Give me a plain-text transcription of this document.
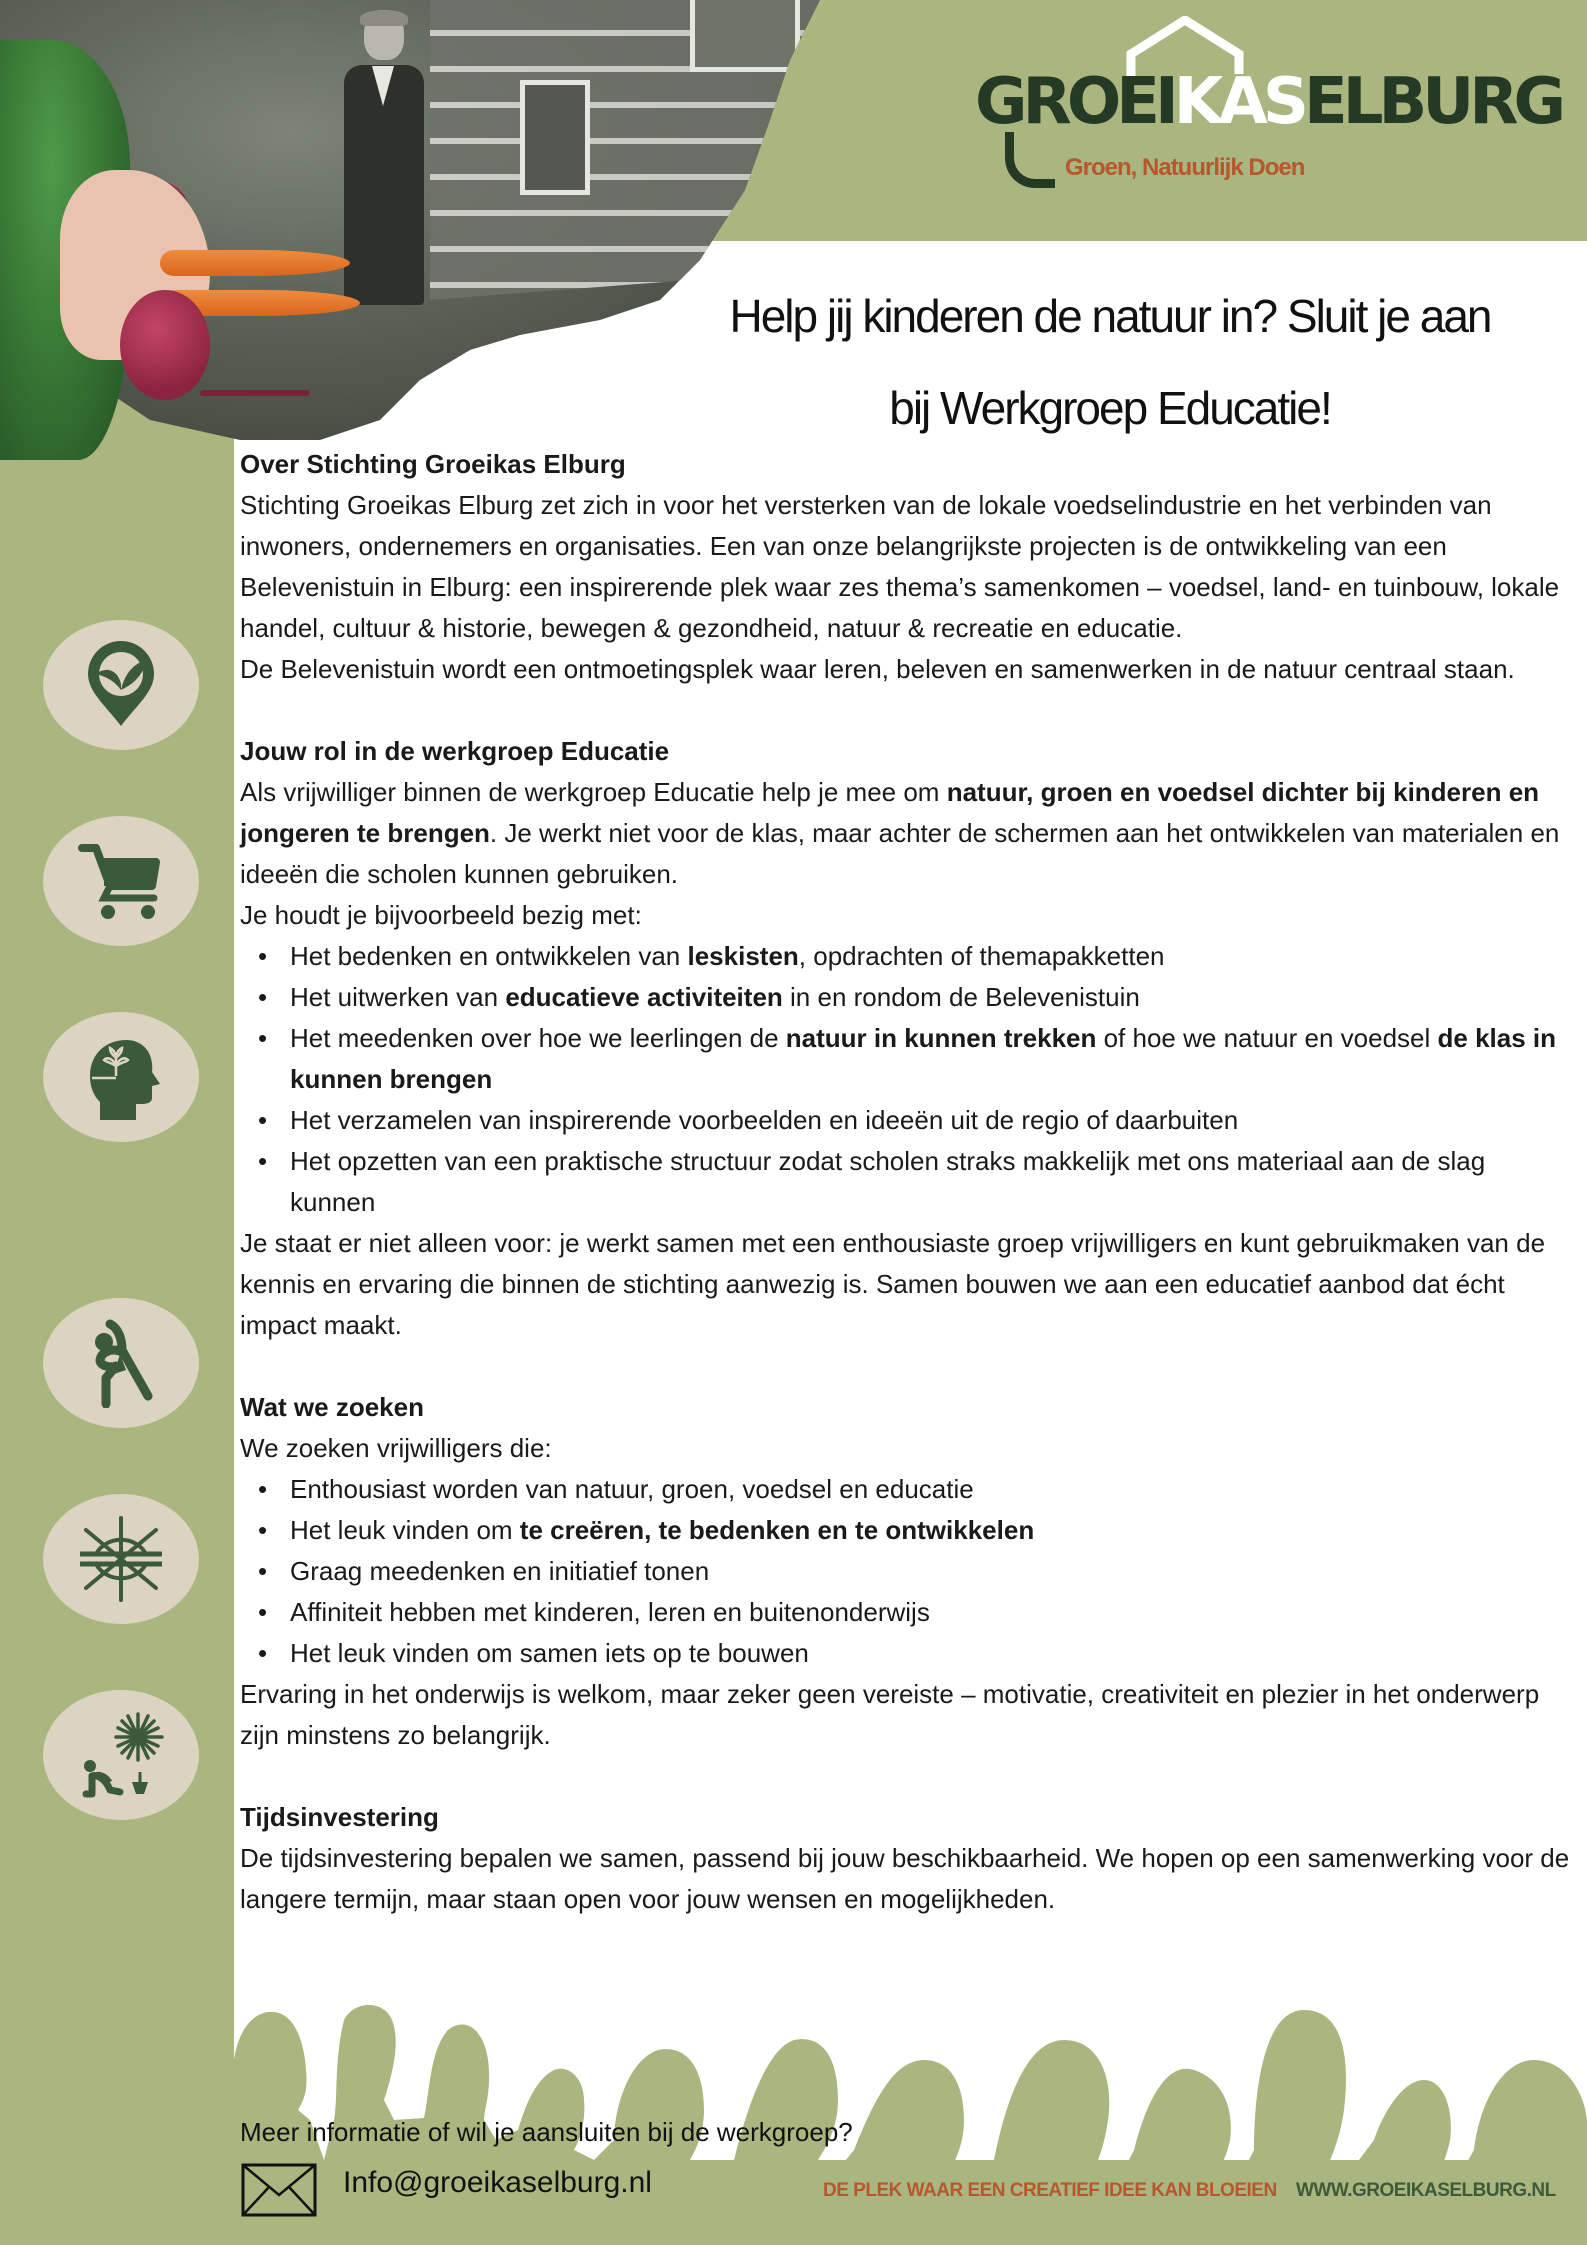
GROEIKASELBURG
Groen, Natuurlijk Doen
Help jij kinderen de natuur in? Sluit je aan
bij Werkgroep Educatie!
Over Stichting Groeikas Elburg

Stichting Groeikas Elburg zet zich in voor het versterken van de lokale voedselindustrie en het verbinden van inwoners, ondernemers en organisaties. Een van onze belangrijkste projecten is de ontwikkeling van een Belevenistuin in Elburg: een inspirerende plek waar zes thema’s samenkomen – voedsel, land- en tuinbouw, lokale handel, cultuur & historie, bewegen & gezondheid, natuur & recreatie en educatie.

De Belevenistuin wordt een ontmoetingsplek waar leren, beleven en samenwerken in de natuur centraal staan.

Jouw rol in de werkgroep Educatie

Als vrijwilliger binnen de werkgroep Educatie help je mee om natuur, groen en voedsel dichter bij kinderen en jongeren te brengen. Je werkt niet voor de klas, maar achter de schermen aan het ontwikkelen van materialen en ideeën die scholen kunnen gebruiken.

Je houdt je bijvoorbeeld bezig met:

• Het bedenken en ontwikkelen van leskisten, opdrachten of themapakketten
• Het uitwerken van educatieve activiteiten in en rondom de Belevenistuin
• Het meedenken over hoe we leerlingen de natuur in kunnen trekken of hoe we natuur en voedsel de klas in kunnen brengen
• Het verzamelen van inspirerende voorbeelden en ideeën uit de regio of daarbuiten
• Het opzetten van een praktische structuur zodat scholen straks makkelijk met ons materiaal aan de slag kunnen

Je staat er niet alleen voor: je werkt samen met een enthousiaste groep vrijwilligers en kunt gebruikmaken van de kennis en ervaring die binnen de stichting aanwezig is. Samen bouwen we aan een educatief aanbod dat écht impact maakt.

Wat we zoeken

We zoeken vrijwilligers die:

• Enthousiast worden van natuur, groen, voedsel en educatie
• Het leuk vinden om te creëren, te bedenken en te ontwikkelen
• Graag meedenken en initiatief tonen
• Affiniteit hebben met kinderen, leren en buitenonderwijs
• Het leuk vinden om samen iets op te bouwen

Ervaring in het onderwijs is welkom, maar zeker geen vereiste – motivatie, creativiteit en plezier in het onderwerp zijn minstens zo belangrijk.

Tijdsinvestering

De tijdsinvestering bepalen we samen, passend bij jouw beschikbaarheid. We hopen op een samenwerking voor de langere termijn, maar staan open voor jouw wensen en mogelijkheden.

Meer informatie of wil je aansluiten bij de werkgroep?
Info@groeikaselburg.nl	DE PLEK WAAR EEN CREATIEF IDEE KAN BLOEIEN	WWW.GROEIKASELBURG.NL
